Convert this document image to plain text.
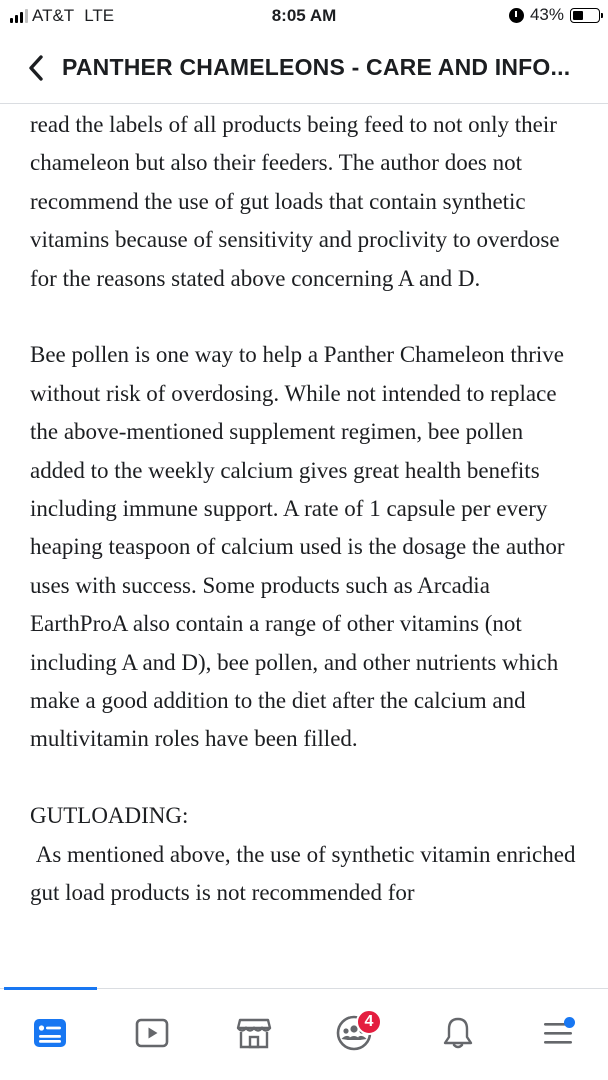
AT&T LTE	8:05 AM	43%
PANTHER CHAMELEONS - CARE AND INFO...

read the labels of all products being feed to not only their chameleon but also their feeders. The author does not recommend the use of gut loads that contain synthetic vitamins because of sensitivity and proclivity to overdose for the reasons stated above concerning A and D.

Bee pollen is one way to help a Panther Chameleon thrive without risk of overdosing. While not intended to replace the above-mentioned supplement regimen, bee pollen added to the weekly calcium gives great health benefits including immune support. A rate of 1 capsule per every heaping teaspoon of calcium used is the dosage the author uses with success. Some products such as Arcadia EarthProA also contain a range of other vitamins (not including A and D), bee pollen, and other nutrients which make a good addition to the diet after the calcium and multivitamin roles have been filled.

GUTLOADING:

As mentioned above, the use of synthetic vitamin enriched gut load products is not recommended for

4
